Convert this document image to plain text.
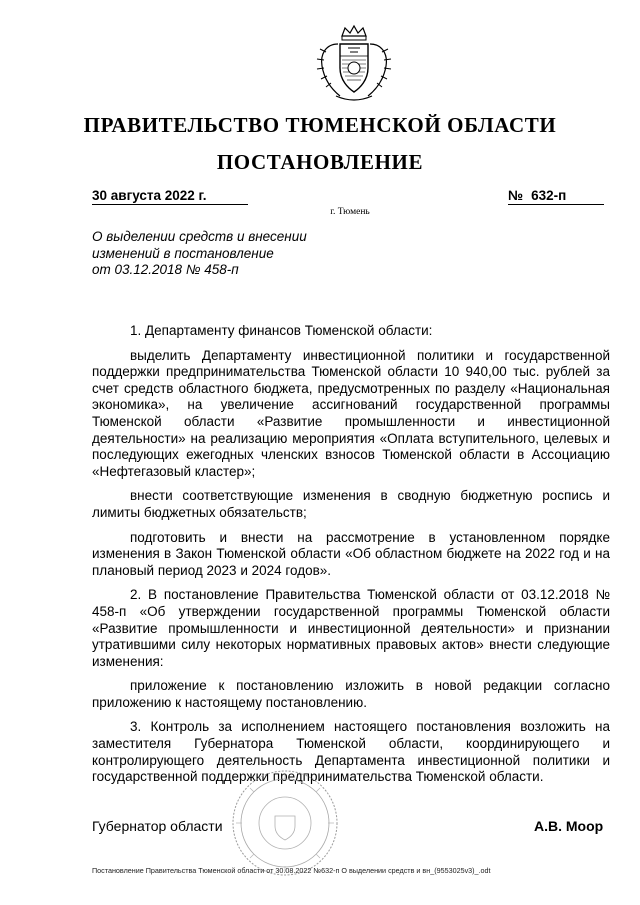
ПРАВИТЕЛЬСТВО ТЮМЕНСКОЙ ОБЛАСТИ
ПОСТАНОВЛЕНИЕ
30 августа 2022 г.	№ 632-п
г. Тюмень
О выделении средств и внесении
изменений в постановление
от 03.12.2018 № 458-п

1. Департаменту финансов Тюменской области:

выделить Департаменту инвестиционной политики и государственной поддержки предпринимательства Тюменской области 10 940,00 тыс. рублей за счет средств областного бюджета, предусмотренных по разделу «Национальная экономика», на увеличение ассигнований государственной программы Тюменской области «Развитие промышленности и инвестиционной деятельности» на реализацию мероприятия «Оплата вступительного, целевых и последующих ежегодных членских взносов Тюменской области в Ассоциацию «Нефтегазовый кластер»;

внести соответствующие изменения в сводную бюджетную роспись и лимиты бюджетных обязательств;

подготовить и внести на рассмотрение в установленном порядке изменения в Закон Тюменской области «Об областном бюджете на 2022 год и на плановый период 2023 и 2024 годов».

2. В постановление Правительства Тюменской области от 03.12.2018 № 458-п «Об утверждении государственной программы Тюменской области «Развитие промышленности и инвестиционной деятельности» и признании утратившими силу некоторых нормативных правовых актов» внести следующие изменения:

приложение к постановлению изложить в новой редакции согласно приложению к настоящему постановлению.

3. Контроль за исполнением настоящего постановления возложить на заместителя Губернатора Тюменской области, координирующего и контролирующего деятельность Департамента инвестиционной политики и государственной поддержки предпринимательства Тюменской области.

Губернатор области	А.В. Моор
Постановление Правительства Тюменской области от 30.08.2022 №632-п О выделении средств и вн_(9553025v3)_.odt
